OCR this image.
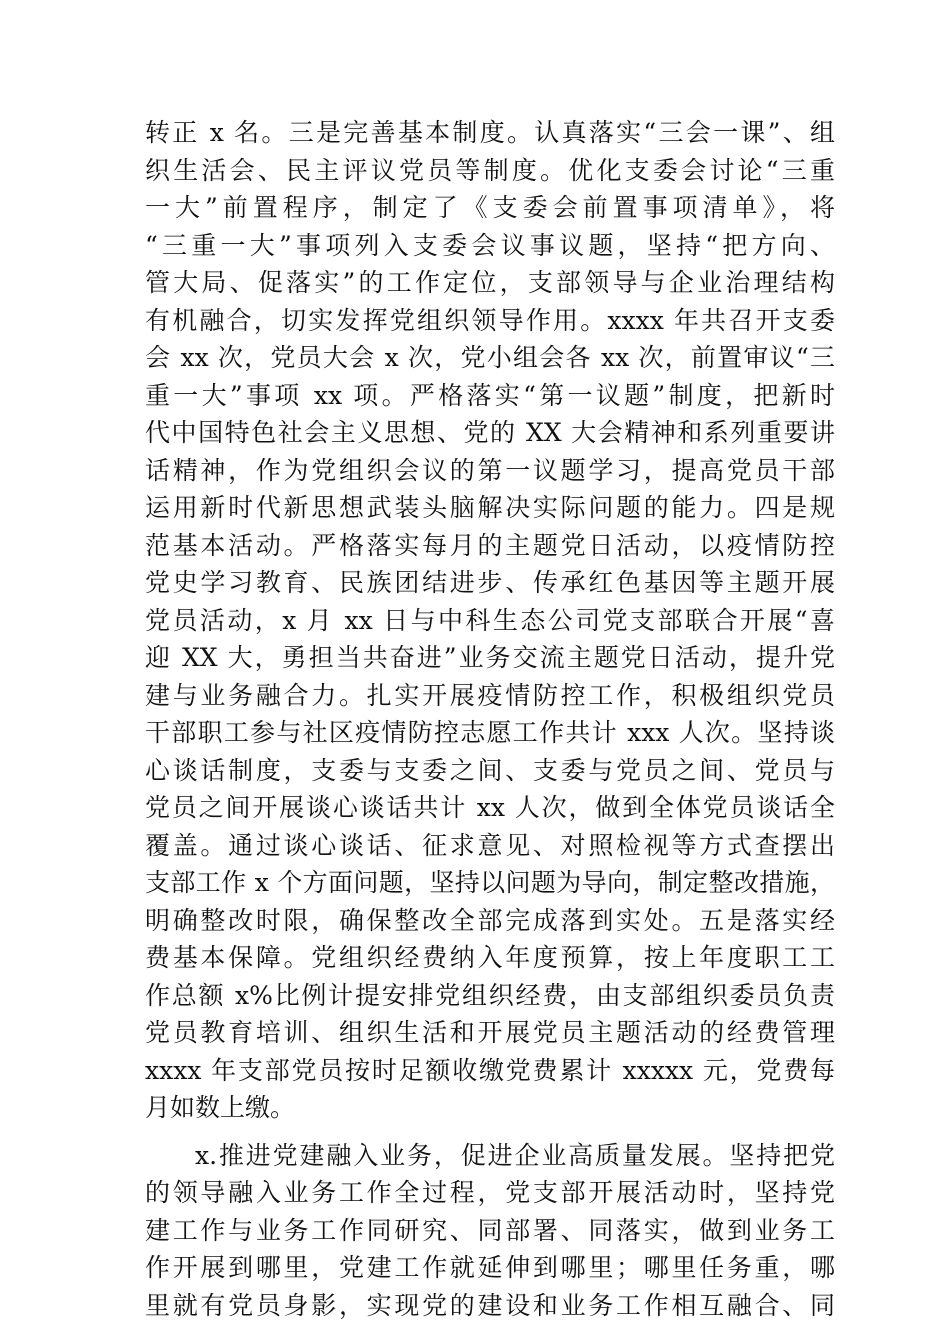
转正 x 名。三是完善基本制度。认真落实“三会一课”、组
织生活会、民主评议党员等制度。优化支委会讨论“三重
一大”前置程序，制定了《支委会前置事项清单》，将
“三重一大”事项列入支委会议事议题，坚持“把方向、
管大局、促落实”的工作定位，支部领导与企业治理结构
有机融合，切实发挥党组织领导作用。xxxx 年共召开支委
会 xx 次，党员大会 x 次，党小组会各 xx 次，前置审议“三
重一大”事项 xx 项。严格落实“第一议题”制度，把新时
代中国特色社会主义思想、党的 XX 大会精神和系列重要讲
话精神，作为党组织会议的第一议题学习，提高党员干部
运用新时代新思想武装头脑解决实际问题的能力。四是规
范基本活动。严格落实每月的主题党日活动，以疫情防控
党史学习教育、民族团结进步、传承红色基因等主题开展
党员活动，x 月 xx 日与中科生态公司党支部联合开展“喜
迎 XX 大，勇担当共奋进”业务交流主题党日活动，提升党
建与业务融合力。扎实开展疫情防控工作，积极组织党员
干部职工参与社区疫情防控志愿工作共计 xxx 人次。坚持谈
心谈话制度，支委与支委之间、支委与党员之间、党员与
党员之间开展谈心谈话共计 xx 人次，做到全体党员谈话全
覆盖。通过谈心谈话、征求意见、对照检视等方式查摆出
支部工作 x 个方面问题，坚持以问题为导向，制定整改措施，
明确整改时限，确保整改全部完成落到实处。五是落实经
费基本保障。党组织经费纳入年度预算，按上年度职工工
作总额 x%比例计提安排党组织经费，由支部组织委员负责
党员教育培训、组织生活和开展党员主题活动的经费管理
xxxx 年支部党员按时足额收缴党费累计 xxxxx 元，党费每
月如数上缴。
x.推进党建融入业务，促进企业高质量发展。坚持把党
的领导融入业务工作全过程，党支部开展活动时，坚持党
建工作与业务工作同研究、同部署、同落实，做到业务工
作开展到哪里，党建工作就延伸到哪里；哪里任务重，哪
里就有党员身影，实现党的建设和业务工作相互融合、同
